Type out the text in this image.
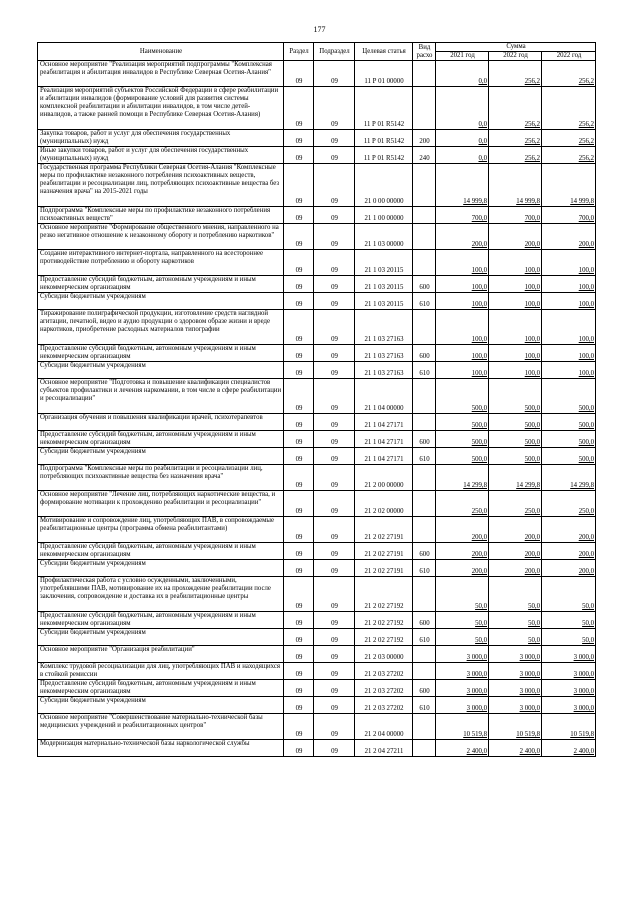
177
Наименование	Раздел	Подраздел	Целевая статья	Вид расхо	Сумма		
					2021 год	2022 год	2022 год
Основное мероприятие "Реализация мероприятий подпрограммы "Комплексная реабилитация и абилитация инвалидов в Республике Северная Осетия-Алания"	09	09	11 Р 01 00000		0,0	256,2	256,2
Реализация мероприятий субъектов Российской Федерации в сфере реабилитации и абилитации инвалидов (формирование условий для развития системы комплексной реабилитации и абилитации инвалидов, в том числе детей-инвалидов, а также ранней помощи в Республике Северная Осетия-Алания)	09	09	11 Р 01 R5142		0,0	256,2	256,2
Закупка товаров, работ и услуг для обеспечения государственных (муниципальных) нужд	09	09	11 Р 01 R5142	200	0,0	256,2	256,2
Иные закупки товаров, работ и услуг для обеспечения государственных (муниципальных) нужд	09	09	11 Р 01 R5142	240	0,0	256,2	256,2
Государственная программа Республики Северная Осетия-Алания "Комплексные меры по профилактике незаконного потребления психоактивных веществ, реабилитации и ресоциализации лиц, потребляющих психоактивные вещества без назначения врача" на 2015-2021 годы	09	09	21 0 00 00000		14 999,8	14 999,8	14 999,8
Подпрограмма "Комплексные меры по профилактике незаконного потребления психоактивных веществ"	09	09	21 1 00 00000		700,0	700,0	700,0
Основное мероприятие "Формирование общественного мнения, направленного на резко негативное отношение к незаконному обороту и потреблению наркотиков"	09	09	21 1 03 00000		200,0	200,0	200,0
Создание интерактивного интернет-портала, направленного на всестороннее противодействие потреблению и обороту наркотиков	09	09	21 1 03 20115		100,0	100,0	100,0
Предоставление субсидий бюджетным, автономным учреждениям и иным некоммерческим организациям	09	09	21 1 03 20115	600	100,0	100,0	100,0
Субсидии бюджетным учреждениям	09	09	21 1 03 20115	610	100,0	100,0	100,0
Тиражирование полиграфической продукции, изготовление средств наглядной агитации, печатной, видео и аудио продукции о здоровом образе жизни и вреде наркотиков, приобретение расходных материалов типографии	09	09	21 1 03 27163		100,0	100,0	100,0
Предоставление субсидий бюджетным, автономным учреждениям и иным некоммерческим организациям	09	09	21 1 03 27163	600	100,0	100,0	100,0
Субсидии бюджетным учреждениям	09	09	21 1 03 27163	610	100,0	100,0	100,0
Основное мероприятие "Подготовка и повышение квалификации специалистов субъектов профилактики и лечения наркомании, в том числе в сфере реабилитации и ресоциализации"	09	09	21 1 04 00000		500,0	500,0	500,0
Организация обучения и повышения квалификации врачей, психотерапевтов	09	09	21 1 04 27171		500,0	500,0	500,0
Предоставление субсидий бюджетным, автономным учреждениям и иным некоммерческим организациям	09	09	21 1 04 27171	600	500,0	500,0	500,0
Субсидии бюджетным учреждениям	09	09	21 1 04 27171	610	500,0	500,0	500,0
Подпрограмма "Комплексные меры по реабилитации и ресоциализации лиц, потребляющих психоактивные вещества без назначения врача"	09	09	21 2 00 00000		14 299,8	14 299,8	14 299,8
Основное мероприятие "Лечение лиц, потребляющих наркотические вещества, и формирование мотивации к прохождению реабилитации и ресоциализации"	09	09	21 2 02 00000		250,0	250,0	250,0
Мотивирование и сопровождение лиц, употребляющих ПАВ, в сопровождаемые реабилитационные центры (программа обмена реабилитантами)	09	09	21 2 02 27191		200,0	200,0	200,0
Предоставление субсидий бюджетным, автономным учреждениям и иным некоммерческим организациям	09	09	21 2 02 27191	600	200,0	200,0	200,0
Субсидии бюджетным учреждениям	09	09	21 2 02 27191	610	200,0	200,0	200,0
Профилактическая работа с условно осужденными, заключенными, употреблявшими ПАВ, мотивирование их на прохождение реабилитации после заключения, сопровождение и доставка их в реабилитационные центры	09	09	21 2 02 27192		50,0	50,0	50,0
Предоставление субсидий бюджетным, автономным учреждениям и иным некоммерческим организациям	09	09	21 2 02 27192	600	50,0	50,0	50,0
Субсидии бюджетным учреждениям	09	09	21 2 02 27192	610	50,0	50,0	50,0
Основное мероприятие "Организация реабилитации"	09	09	21 2 03 00000		3 000,0	3 000,0	3 000,0
Комплекс трудовой ресоциализации для лиц, употребляющих ПАВ и находящихся в стойкой ремиссии	09	09	21 2 03 27202		3 000,0	3 000,0	3 000,0
Предоставление субсидий бюджетным, автономным учреждениям и иным некоммерческим организациям	09	09	21 2 03 27202	600	3 000,0	3 000,0	3 000,0
Субсидии бюджетным учреждениям	09	09	21 2 03 27202	610	3 000,0	3 000,0	3 000,0
Основное мероприятие "Совершенствование материально-технической базы медицинских учреждений и реабилитационных центров"	09	09	21 2 04 00000		10 519,8	10 519,8	10 519,8
Модернизация материально-технической базы наркологической службы	09	09	21 2 04 27211		2 400,0	2 400,0	2 400,0
